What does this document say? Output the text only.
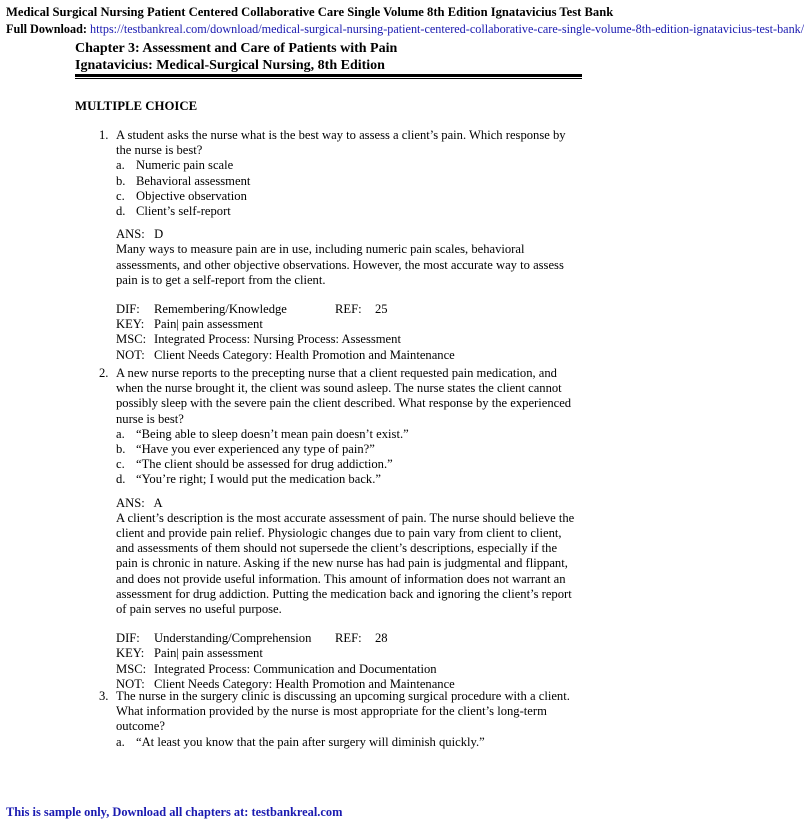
Medical Surgical Nursing Patient Centered Collaborative Care Single Volume 8th Edition Ignatavicius Test Bank
Full Download: https://testbankreal.com/download/medical-surgical-nursing-patient-centered-collaborative-care-single-volume-8th-edition-ignatavicius-test-bank/
Chapter 3: Assessment and Care of Patients with Pain
Ignatavicius: Medical-Surgical Nursing, 8th Edition
MULTIPLE CHOICE
1. A student asks the nurse what is the best way to assess a client’s pain. Which response by the nurse is best?
a. Numeric pain scale
b. Behavioral assessment
c. Objective observation
d. Client’s self-report
ANS:   D
Many ways to measure pain are in use, including numeric pain scales, behavioral assessments, and other objective observations. However, the most accurate way to assess pain is to get a self-report from the client.
DIF:	Remembering/Knowledge	REF:	25
KEY: Pain| pain assessment
MSC: Integrated Process: Nursing Process: Assessment
NOT: Client Needs Category: Health Promotion and Maintenance
2. A new nurse reports to the precepting nurse that a client requested pain medication, and when the nurse brought it, the client was sound asleep. The nurse states the client cannot possibly sleep with the severe pain the client described. What response by the experienced nurse is best?
a. “Being able to sleep doesn’t mean pain doesn’t exist.”
b. “Have you ever experienced any type of pain?”
c. “The client should be assessed for drug addiction.”
d. “You’re right; I would put the medication back.”
ANS:   A
A client’s description is the most accurate assessment of pain. The nurse should believe the client and provide pain relief. Physiologic changes due to pain vary from client to client, and assessments of them should not supersede the client’s descriptions, especially if the pain is chronic in nature. Asking if the new nurse has had pain is judgmental and flippant, and does not provide useful information. This amount of information does not warrant an assessment for drug addiction. Putting the medication back and ignoring the client’s report of pain serves no useful purpose.
DIF:	Understanding/Comprehension	REF:	28
KEY: Pain| pain assessment
MSC: Integrated Process: Communication and Documentation
NOT: Client Needs Category: Health Promotion and Maintenance
3. The nurse in the surgery clinic is discussing an upcoming surgical procedure with a client. What information provided by the nurse is most appropriate for the client’s long-term outcome?
a. “At least you know that the pain after surgery will diminish quickly.”
This is sample only, Download all chapters at: testbankreal.com
